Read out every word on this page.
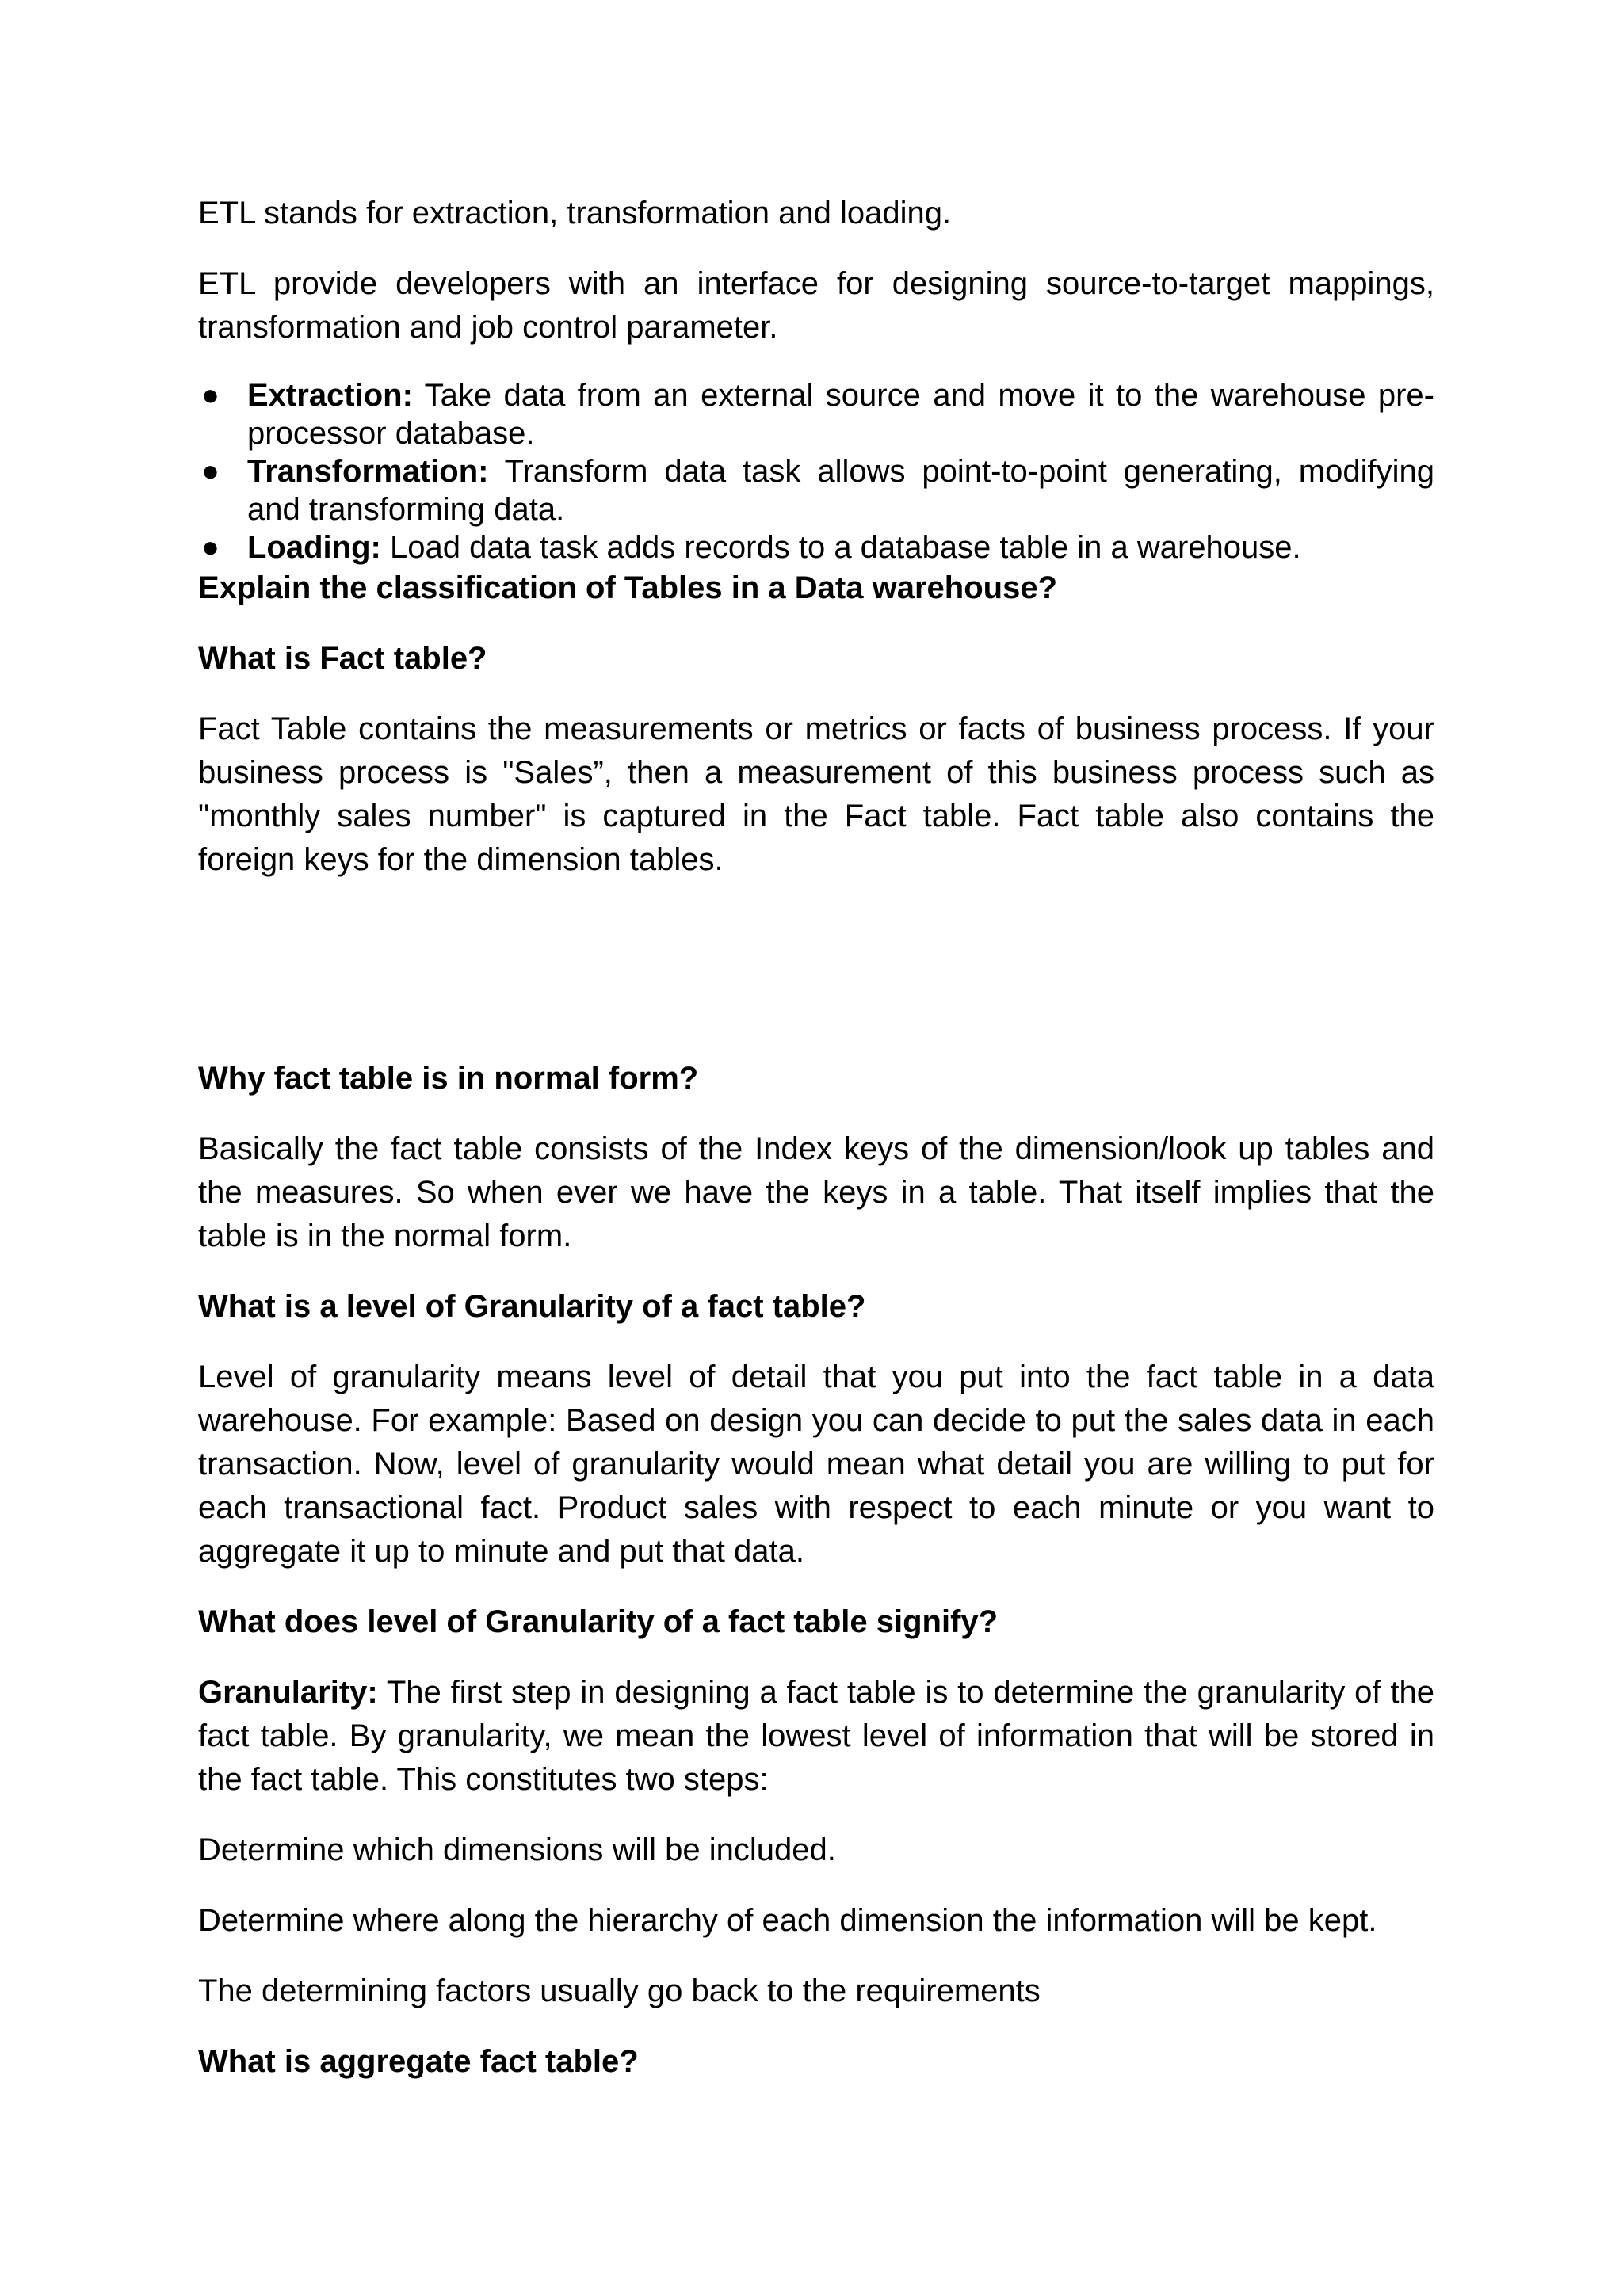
ETL stands for extraction, transformation and loading.

ETL provide developers with an interface for designing source-to-target mappings, transformation and job control parameter.

● Extraction: Take data from an external source and move it to the warehouse pre-processor database.
● Transformation: Transform data task allows point-to-point generating, modifying and transforming data.
● Loading: Load data task adds records to a database table in a warehouse.
Explain the classification of Tables in a Data warehouse?
What is Fact table?

Fact Table contains the measurements or metrics or facts of business process. If your business process is "Sales”, then a measurement of this business process such as "monthly sales number" is captured in the Fact table. Fact table also contains the foreign keys for the dimension tables.

Why fact table is in normal form?

Basically the fact table consists of the Index keys of the dimension/look up tables and the measures. So when ever we have the keys in a table. That itself implies that the table is in the normal form.

What is a level of Granularity of a fact table?

Level of granularity means level of detail that you put into the fact table in a data warehouse. For example: Based on design you can decide to put the sales data in each transaction. Now, level of granularity would mean what detail you are willing to put for each transactional fact. Product sales with respect to each minute or you want to aggregate it up to minute and put that data.

What does level of Granularity of a fact table signify?

Granularity: The first step in designing a fact table is to determine the granularity of the fact table. By granularity, we mean the lowest level of information that will be stored in the fact table. This constitutes two steps:

Determine which dimensions will be included.

Determine where along the hierarchy of each dimension the information will be kept.

The determining factors usually go back to the requirements

What is aggregate fact table?
